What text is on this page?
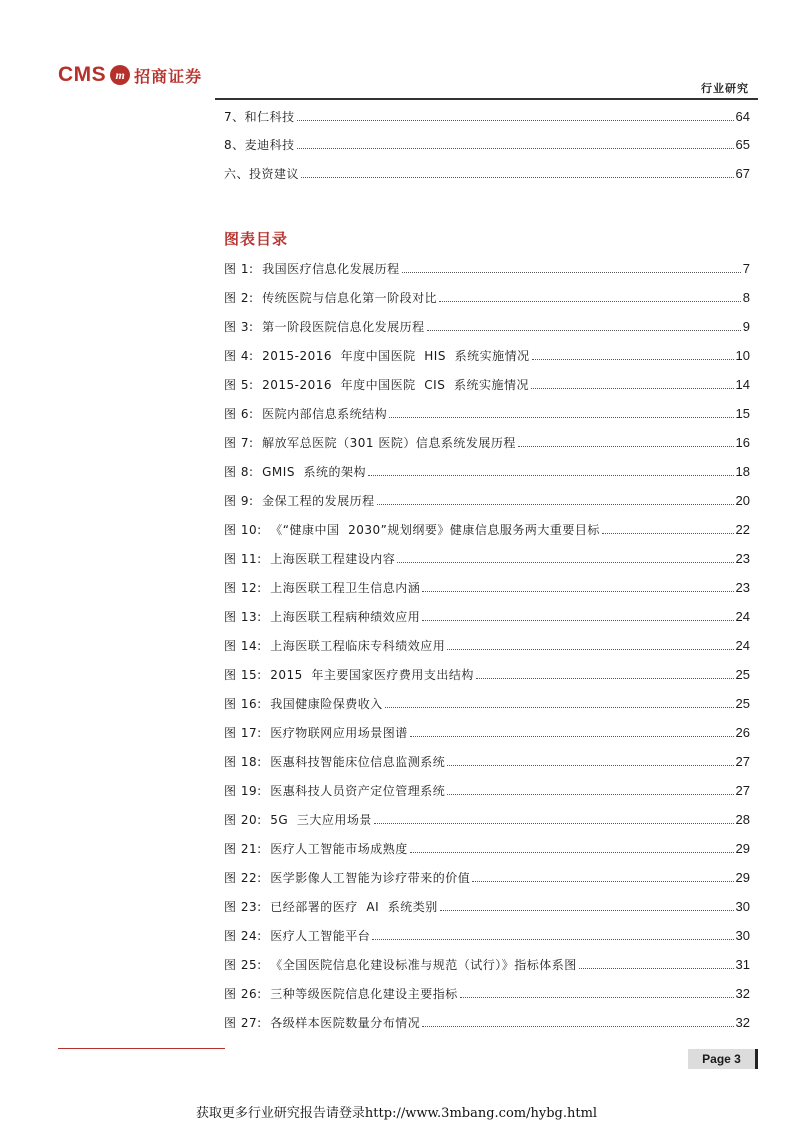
CMS m 招商证券
行业研究
7、和仁科技	64
8、麦迪科技	65
六、投资建议	67
图表目录
图 1:  我国医疗信息化发展历程	7
图 2:  传统医院与信息化第一阶段对比	8
图 3:  第一阶段医院信息化发展历程	9
图 4:  2015-2016  年度中国医院  HIS  系统实施情况	10
图 5:  2015-2016  年度中国医院  CIS  系统实施情况	14
图 6:  医院内部信息系统结构	15
图 7:  解放军总医院（301 医院）信息系统发展历程	16
图 8:  GMIS  系统的架构	18
图 9:  金保工程的发展历程	20
图 10:  《“健康中国  2030”规划纲要》健康信息服务两大重要目标	22
图 11:  上海医联工程建设内容	23
图 12:  上海医联工程卫生信息内涵	23
图 13:  上海医联工程病种绩效应用	24
图 14:  上海医联工程临床专科绩效应用	24
图 15:  2015  年主要国家医疗费用支出结构	25
图 16:  我国健康险保费收入	25
图 17:  医疗物联网应用场景图谱	26
图 18:  医惠科技智能床位信息监测系统	27
图 19:  医惠科技人员资产定位管理系统	27
图 20:  5G  三大应用场景	28
图 21:  医疗人工智能市场成熟度	29
图 22:  医学影像人工智能为诊疗带来的价值	29
图 23:  已经部署的医疗  AI  系统类别	30
图 24:  医疗人工智能平台	30
图 25:  《全国医院信息化建设标准与规范（试行）》指标体系图	31
图 26:  三种等级医院信息化建设主要指标	32
图 27:  各级样本医院数量分布情况	32
Page 3
获取更多行业研究报告请登录http://www.3mbang.com/hybg.html
